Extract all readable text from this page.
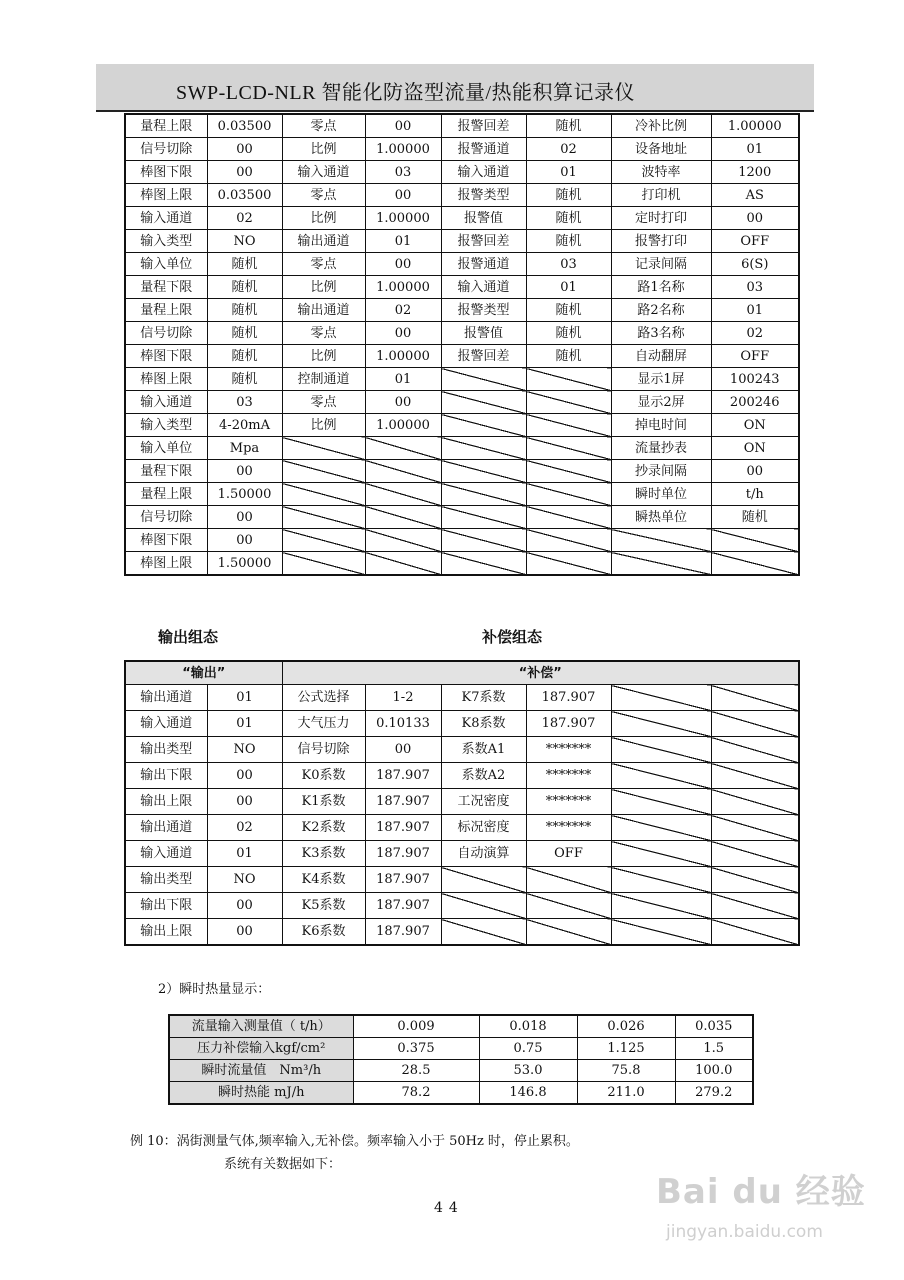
SWP-LCD-NLR 智能化防盗型流量/热能积算记录仪
量程上限	0.03500	零点	00	报警回差	随机	冷补比例	1.00000
信号切除	00	比例	1.00000	报警通道	02	设备地址	01
棒图下限	00	输入通道	03	输入通道	01	波特率	1200
棒图上限	0.03500	零点	00	报警类型	随机	打印机	AS
输入通道	02	比例	1.00000	报警值	随机	定时打印	00
输入类型	NO	输出通道	01	报警回差	随机	报警打印	OFF
输入单位	随机	零点	00	报警通道	03	记录间隔	6(S)
量程下限	随机	比例	1.00000	输入通道	01	路1名称	03
量程上限	随机	输出通道	02	报警类型	随机	路2名称	01
信号切除	随机	零点	00	报警值	随机	路3名称	02
棒图下限	随机	比例	1.00000	报警回差	随机	自动翻屏	OFF
棒图上限	随机	控制通道	01			显示1屏	100243
输入通道	03	零点	00			显示2屏	200246
输入类型	4-20mA	比例	1.00000			掉电时间	ON
输入单位	Mpa					流量抄表	ON
量程下限	00					抄录间隔	00
量程上限	1.50000					瞬时单位	t/h
信号切除	00					瞬热单位	随机
棒图下限	00						
棒图上限	1.50000						
输出组态	补偿组态
“输出”		“补偿”					
输出通道	01	公式选择	1-2	K7系数	187.907		
输入通道	01	大气压力	0.10133	K8系数	187.907		
输出类型	NO	信号切除	00	系数A1	*******		
输出下限	00	K0系数	187.907	系数A2	*******		
输出上限	00	K1系数	187.907	工况密度	*******		
输出通道	02	K2系数	187.907	标况密度	*******		
输入通道	01	K3系数	187.907	自动演算	OFF		
输出类型	NO	K4系数	187.907				
输出下限	00	K5系数	187.907				
输出上限	00	K6系数	187.907				
2）瞬时热量显示：
流量输入测量值（ t/h）	0.009	0.018	0.026	0.035
压力补偿输入kgf/cm²	0.375	0.75	1.125	1.5
瞬时流量值　Nm³/h	28.5	53.0	75.8	100.0
瞬时热能 mJ/h	78.2	146.8	211.0	279.2
例 10：涡街测量气体,频率输入,无补偿。频率输入小于 50Hz 时，停止累积。
系统有关数据如下：
44	Bai du 经验
jingyan.baidu.com
